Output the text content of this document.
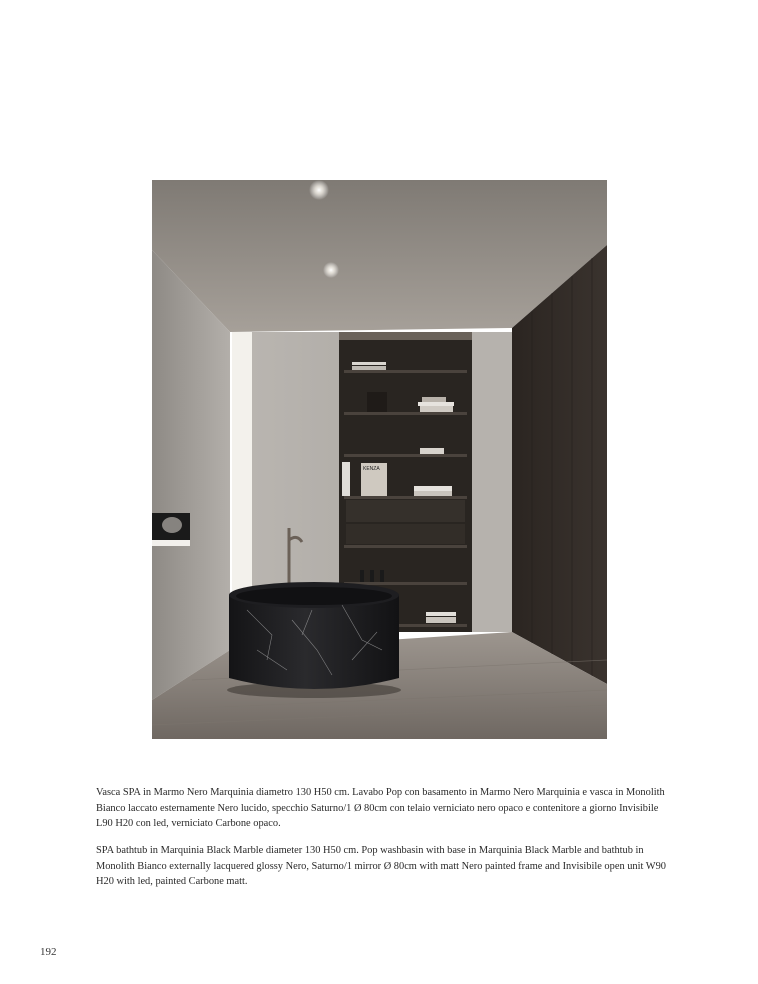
KENZA

Vasca SPA in Marmo Nero Marquinia diametro 130 H50 cm. Lavabo Pop con basamento in Marmo Nero Marquinia e vasca in Monolith Bianco laccato esternamente Nero lucido, specchio Saturno/1 Ø 80cm con telaio verniciato nero opaco e contenitore a giorno Invisibile L90 H20 con led, verniciato Carbone opaco.

SPA bathtub in Marquinia Black Marble diameter 130 H50 cm. Pop washbasin with base in Marquinia Black Marble and bathtub in Monolith Bianco externally lacquered glossy Nero, Saturno/1 mirror Ø 80cm with matt Nero painted frame and Invisibile open unit W90 H20 with led, painted Carbone matt.

192
